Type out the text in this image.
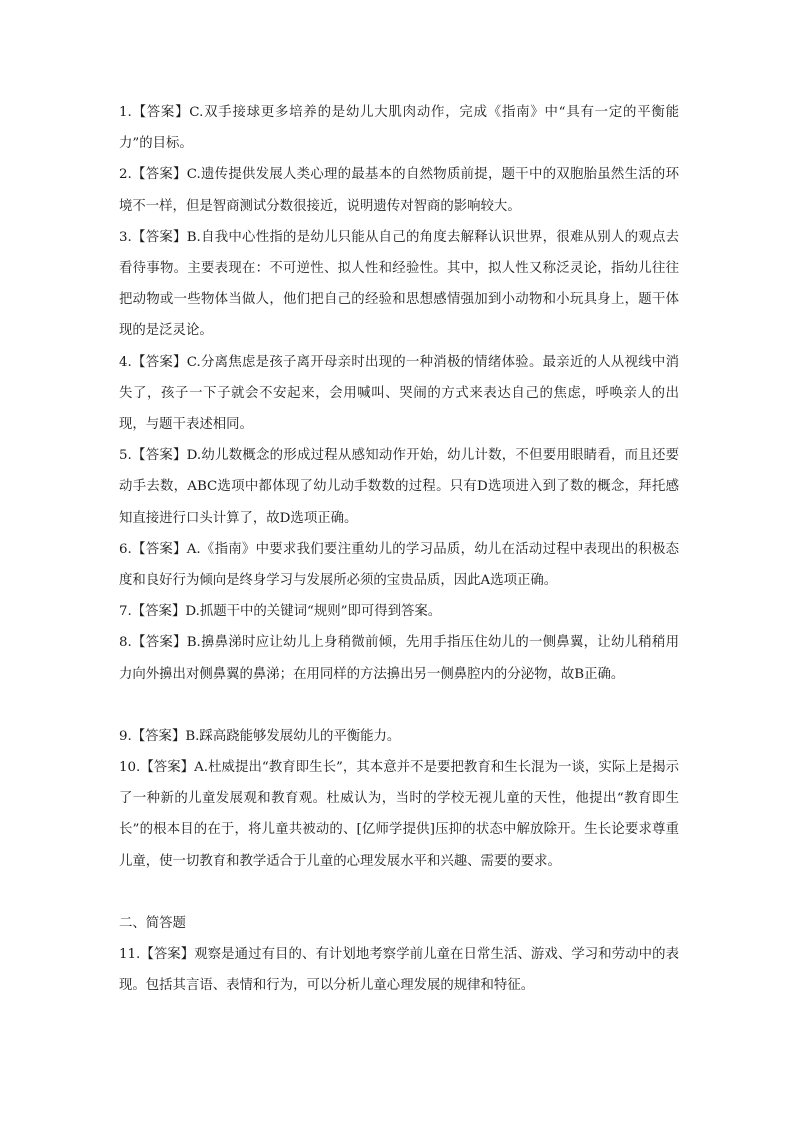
1.【答案】C.双手接球更多培养的是幼儿大肌肉动作，完成《指南》中“具有一定的平衡能力”的目标。

2.【答案】C.遗传提供发展人类心理的最基本的自然物质前提，题干中的双胞胎虽然生活的环境不一样，但是智商测试分数很接近，说明遗传对智商的影响较大。

3.【答案】B.自我中心性指的是幼儿只能从自己的角度去解释认识世界，很难从别人的观点去看待事物。主要表现在：不可逆性、拟人性和经验性。其中，拟人性又称泛灵论，指幼儿往往把动物或一些物体当做人，他们把自己的经验和思想感情强加到小动物和小玩具身上，题干体现的是泛灵论。

4.【答案】C.分离焦虑是孩子离开母亲时出现的一种消极的情绪体验。最亲近的人从视线中消失了，孩子一下子就会不安起来，会用喊叫、哭闹的方式来表达自己的焦虑，呼唤亲人的出现，与题干表述相同。

5.【答案】D.幼儿数概念的形成过程从感知动作开始，幼儿计数，不但要用眼睛看，而且还要动手去数，ABC选项中都体现了幼儿动手数数的过程。只有D选项进入到了数的概念，拜托感知直接进行口头计算了，故D选项正确。

6.【答案】A.《指南》中要求我们要注重幼儿的学习品质，幼儿在活动过程中表现出的积极态度和良好行为倾向是终身学习与发展所必须的宝贵品质，因此A选项正确。

7.【答案】D.抓题干中的关键词“规则”即可得到答案。

8.【答案】B.擤鼻涕时应让幼儿上身稍微前倾，先用手指压住幼儿的一侧鼻翼，让幼儿稍稍用力向外擤出对侧鼻翼的鼻涕；在用同样的方法擤出另一侧鼻腔内的分泌物，故B正确。

9.【答案】B.踩高跷能够发展幼儿的平衡能力。

10.【答案】A.杜威提出“教育即生长”，其本意并不是要把教育和生长混为一谈，实际上是揭示了一种新的儿童发展观和教育观。杜威认为，当时的学校无视儿童的天性，他提出“教育即生长”的根本目的在于，将儿童共被动的、[亿师学提供]压抑的状态中解放除开。生长论要求尊重儿童，使一切教育和教学适合于儿童的心理发展水平和兴趣、需要的要求。

二、简答题

11.【答案】观察是通过有目的、有计划地考察学前儿童在日常生活、游戏、学习和劳动中的表现。包括其言语、表情和行为，可以分析儿童心理发展的规律和特征。
